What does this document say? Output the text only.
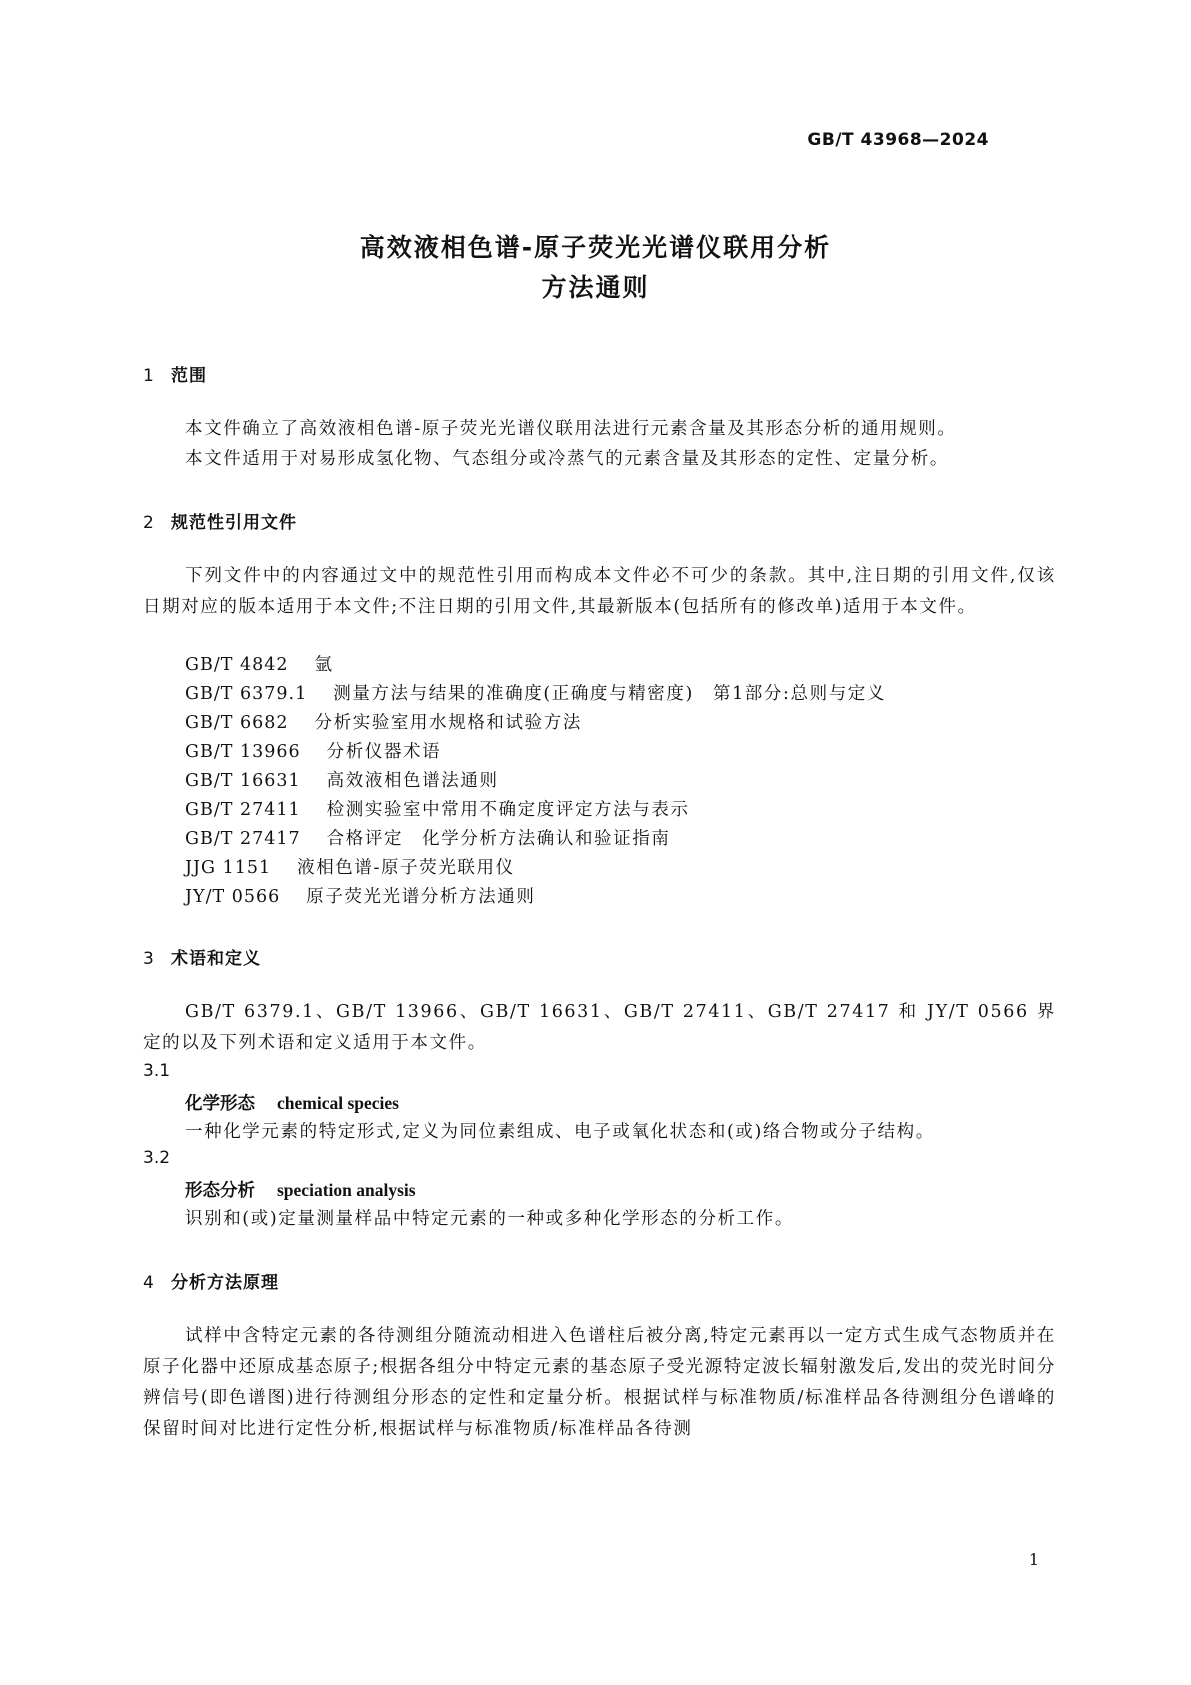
GB/T 43968—2024
高效液相色谱-原子荧光光谱仪联用分析
方法通则
1 范围
本文件确立了高效液相色谱-原子荧光光谱仪联用法进行元素含量及其形态分析的通用规则。
本文件适用于对易形成氢化物、气态组分或冷蒸气的元素含量及其形态的定性、定量分析。
2 规范性引用文件
下列文件中的内容通过文中的规范性引用而构成本文件必不可少的条款。其中,注日期的引用文件,仅该日期对应的版本适用于本文件;不注日期的引用文件,其最新版本(包括所有的修改单)适用于本文件。
GB/T 4842 氩
GB/T 6379.1 测量方法与结果的准确度(正确度与精密度)　第1部分:总则与定义
GB/T 6682 分析实验室用水规格和试验方法
GB/T 13966 分析仪器术语
GB/T 16631 高效液相色谱法通则
GB/T 27411 检测实验室中常用不确定度评定方法与表示
GB/T 27417 合格评定　化学分析方法确认和验证指南
JJG 1151 液相色谱-原子荧光联用仪
JY/T 0566 原子荧光光谱分析方法通则
3 术语和定义
GB/T 6379.1、GB/T 13966、GB/T 16631、GB/T 27411、GB/T 27417 和 JY/T 0566 界定的以及下列术语和定义适用于本文件。
3.1
化学形态 chemical species
一种化学元素的特定形式,定义为同位素组成、电子或氧化状态和(或)络合物或分子结构。
3.2
形态分析 speciation analysis
识别和(或)定量测量样品中特定元素的一种或多种化学形态的分析工作。
4 分析方法原理
试样中含特定元素的各待测组分随流动相进入色谱柱后被分离,特定元素再以一定方式生成气态物质并在原子化器中还原成基态原子;根据各组分中特定元素的基态原子受光源特定波长辐射激发后,发出的荧光时间分辨信号(即色谱图)进行待测组分形态的定性和定量分析。根据试样与标准物质/标准样品各待测组分色谱峰的保留时间对比进行定性分析,根据试样与标准物质/标准样品各待测
1
